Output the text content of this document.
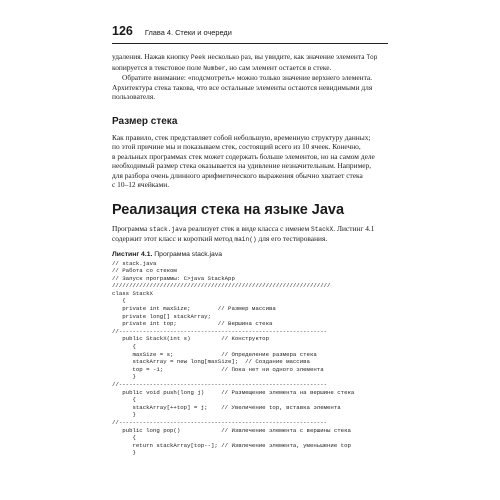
126 Глава 4. Стеки и очереди

удаления. Нажав кнопку Peek несколько раз, вы увидите, как значение элемента Top
копируется в текстовое поле Number, но сам элемент остается в стеке.

Обратите внимание: «подсмотреть» можно только значение верхнего элемента.
Архитектура стека такова, что все остальные элементы остаются невидимыми для
пользователя.

Размер стека

Как правило, стек представляет собой небольшую, временную структуру данных;
по этой причине мы и показываем стек, состоящий всего из 10 ячеек. Конечно,
в реальных программах стек может содержать больше элементов, но на самом деле
необходимый размер стека оказывается на удивление незначительным. Например,
для разбора очень длинного арифметического выражения обычно хватает стека
с 10–12 ячейками.

Реализация стека на языке Java

Программа stack.java реализует стек в виде класса с именем StackX. Листинг 4.1
содержит этот класс и короткий метод main() для его тестирования.

Листинг 4.1. Программа stack.java
// stack.java
// Работа со стеком
// Запуск программы: C>java StackApp
////////////////////////////////////////////////////////////////
class StackX
{
private int maxSize;        // Размер массива
private long[] stackArray;
private int top;            // Вершина стека
//-------------------------------------------------------------
public StackX(int s)         // Конструктор
{
maxSize = s;              // Определение размера стека
stackArray = new long[maxSize];  // Создание массива
top = -1;                 // Пока нет ни одного элемента
}
//-------------------------------------------------------------
public void push(long j)     // Размещение элемента на вершине стека
{
stackArray[++top] = j;    // Увеличение top, вставка элемента
}
//-------------------------------------------------------------
public long pop()            // Извлечение элемента с вершины стека
{
return stackArray[top--]; // Извлечение элемента, уменьшение top
}
